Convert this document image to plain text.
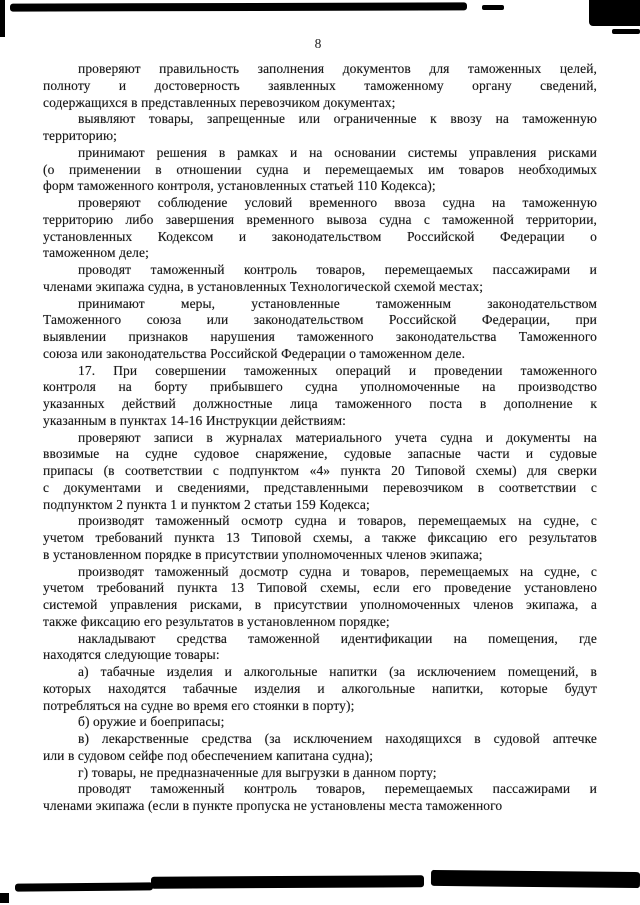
8
проверяют правильность заполнения документов для таможенных целей,
полноту и достоверность заявленных таможенному органу сведений,
содержащихся в представленных перевозчиком документах;
выявляют товары, запрещенные или ограниченные к ввозу на таможенную
территорию;
принимают решения в рамках и на основании системы управления рисками
(о применении в отношении судна и перемещаемых им товаров необходимых
форм таможенного контроля, установленных статьей 110 Кодекса);
проверяют соблюдение условий временного ввоза судна на таможенную
территорию либо завершения временного вывоза судна с таможенной территории,
установленных Кодексом и законодательством Российской Федерации о
таможенном деле;
проводят таможенный контроль товаров, перемещаемых пассажирами и
членами экипажа судна, в установленных Технологической схемой местах;
принимают меры, установленные таможенным законодательством
Таможенного союза или законодательством Российской Федерации, при
выявлении признаков нарушения таможенного законодательства Таможенного
союза или законодательства Российской Федерации о таможенном деле.
17. При совершении таможенных операций и проведении таможенного
контроля на борту прибывшего судна уполномоченные на производство
указанных действий должностные лица таможенного поста в дополнение к
указанным в пунктах 14-16 Инструкции действиям:
проверяют записи в журналах материального учета судна и документы на
ввозимые на судне судовое снаряжение, судовые запасные части и судовые
припасы (в соответствии с подпунктом «4» пункта 20 Типовой схемы) для сверки
с документами и сведениями, представленными перевозчиком в соответствии с
подпунктом 2 пункта 1 и пунктом 2 статьи 159 Кодекса;
производят таможенный осмотр судна и товаров, перемещаемых на судне, с
учетом требований пункта 13 Типовой схемы, а также фиксацию его результатов
в установленном порядке в присутствии уполномоченных членов экипажа;
производят таможенный досмотр судна и товаров, перемещаемых на судне, с
учетом требований пункта 13 Типовой схемы, если его проведение установлено
системой управления рисками, в присутствии уполномоченных членов экипажа, а
также фиксацию его результатов в установленном порядке;
накладывают средства таможенной идентификации на помещения, где
находятся следующие товары:
а) табачные изделия и алкогольные напитки (за исключением помещений, в
которых находятся табачные изделия и алкогольные напитки, которые будут
потребляться на судне во время его стоянки в порту);
б) оружие и боеприпасы;
в) лекарственные средства (за исключением находящихся в судовой аптечке
или в судовом сейфе под обеспечением капитана судна);
г) товары, не предназначенные для выгрузки в данном порту;
проводят таможенный контроль товаров, перемещаемых пассажирами и
членами экипажа (если в пункте пропуска не установлены места таможенного
